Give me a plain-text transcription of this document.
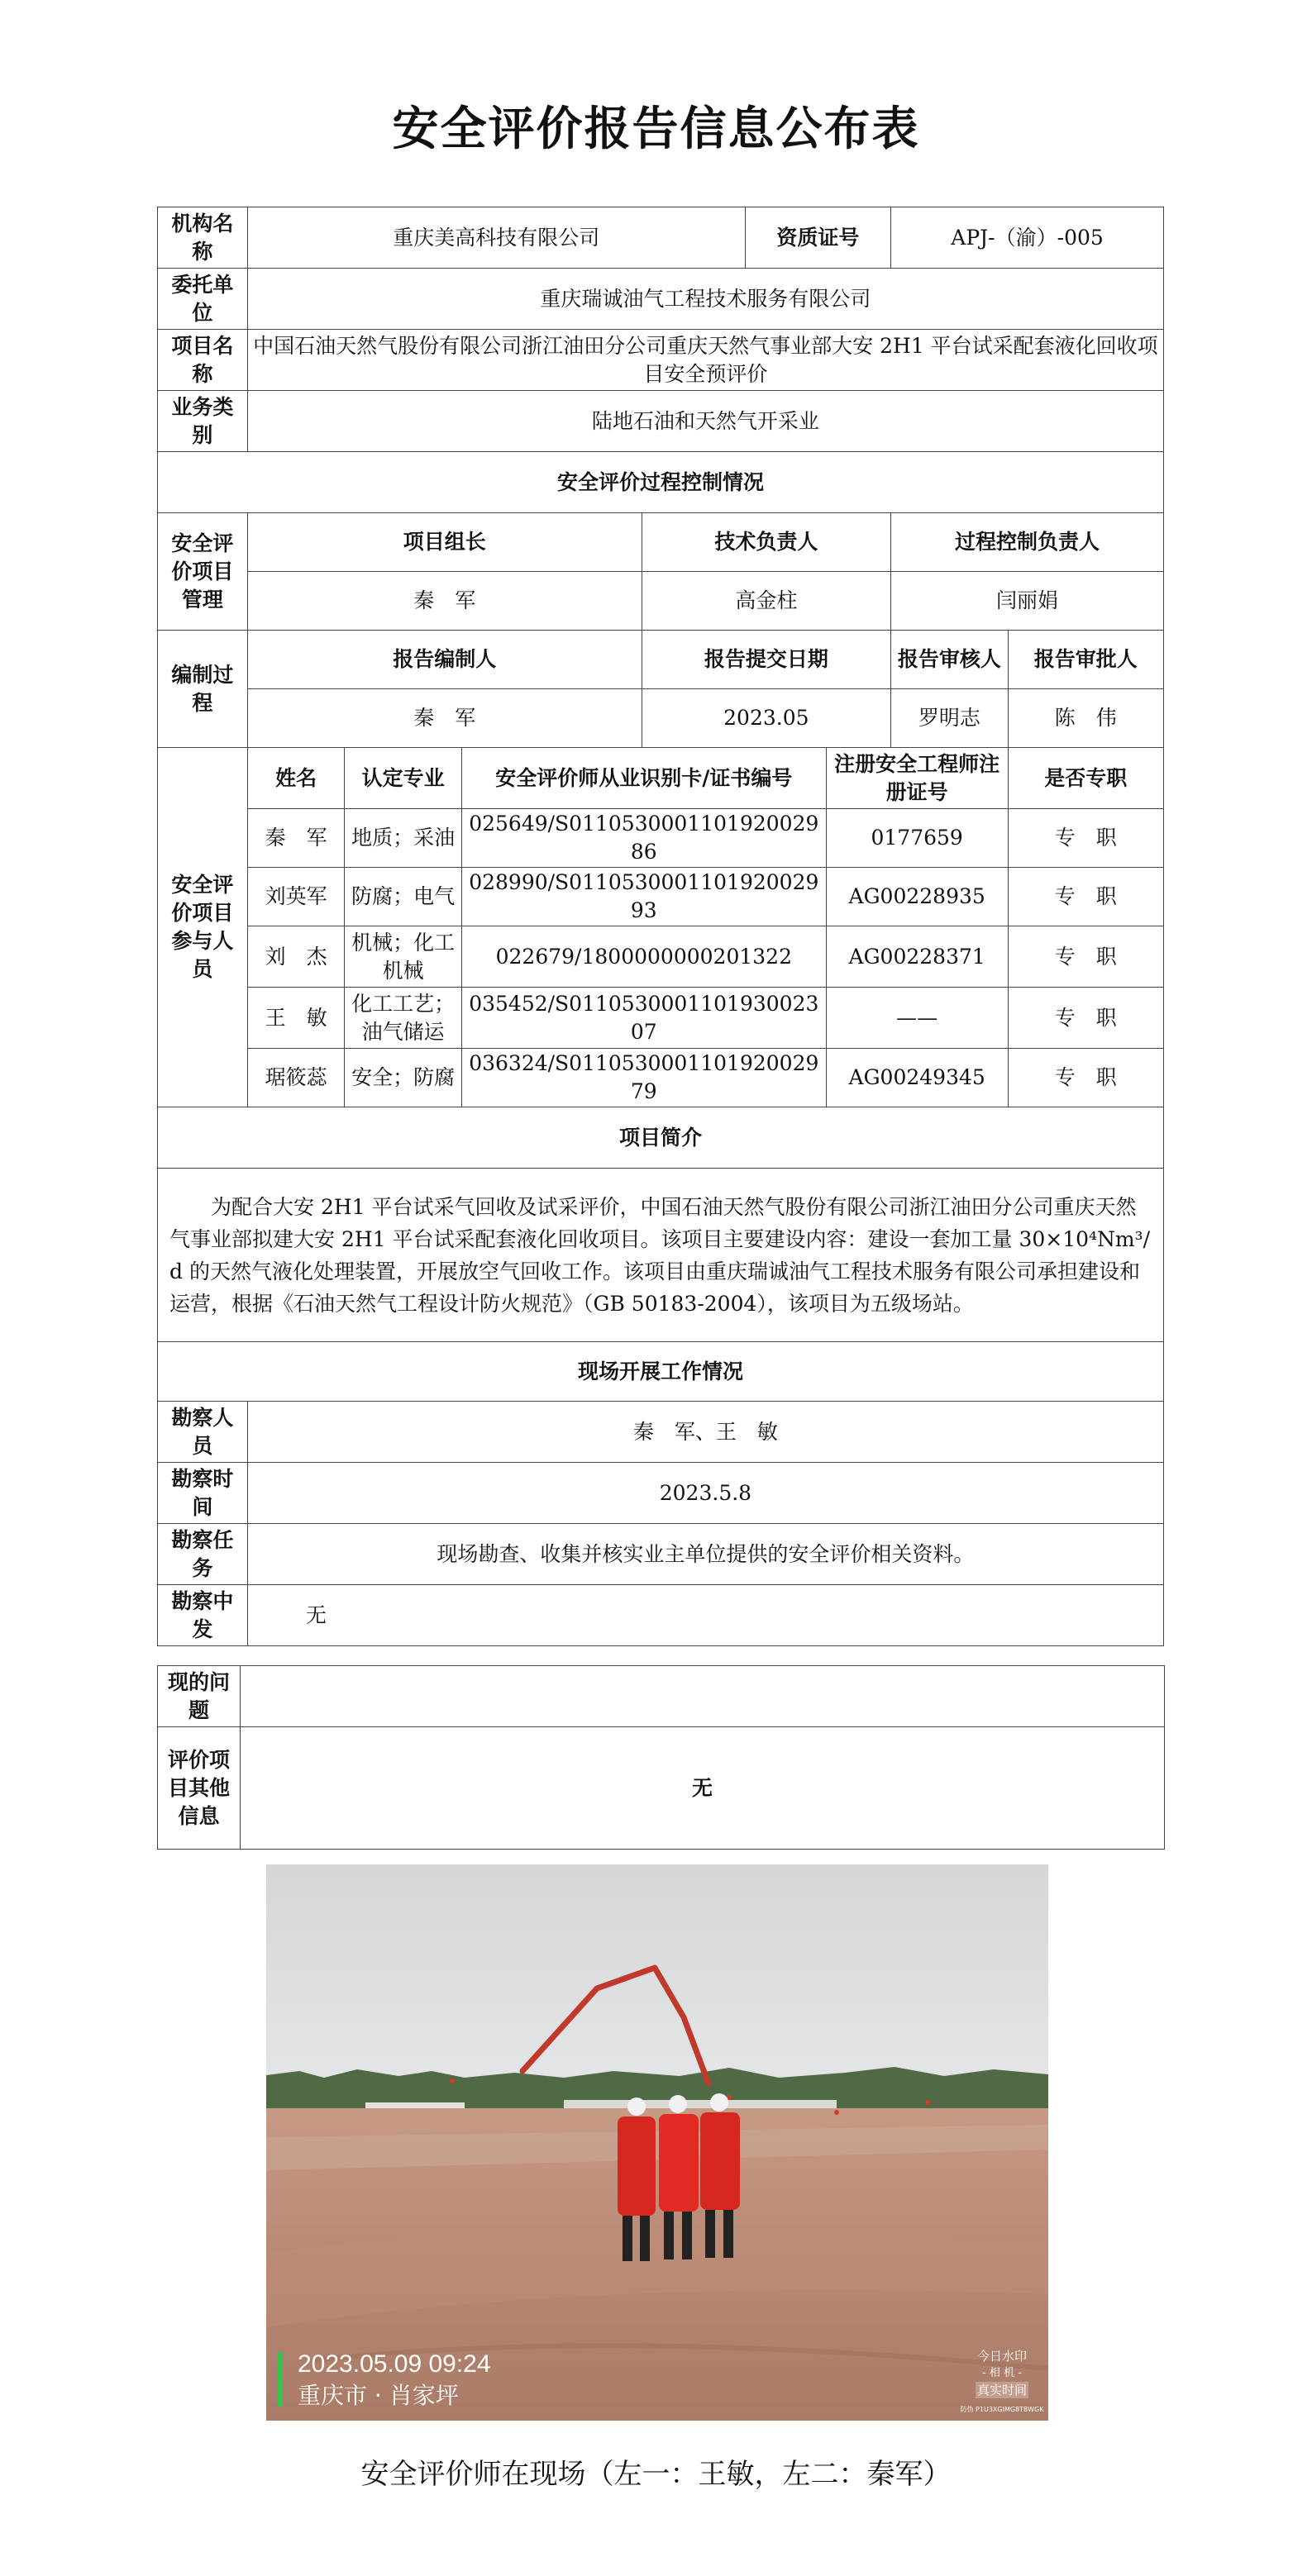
安全评价报告信息公布表
机构名称	重庆美高科技有限公司				资质证号		APJ-（渝）-005	
委托单位	重庆瑞诚油气工程技术服务有限公司							
项目名称	中国石油天然气股份有限公司浙江油田分公司重庆天然气事业部大安 2H1 平台试采配套液化回收项目安全预评价							
业务类别	陆地石油和天然气开采业							
安全评价过程控制情况								
安全评价项目管理	项目组长			技术负责人			过程控制负责人	
	秦　军			高金柱			闫丽娟	
编制过程	报告编制人			报告提交日期			报告审核人	报告审批人
	秦　军			2023.05			罗明志	陈　伟
安全评价项目参与人员	姓名	认定专业	安全评价师从业识别卡/证书编号			注册安全工程师注册证号		是否专职
	秦　军	地质；采油	025649/S011053000110192002986			0177659		专　职
	刘英军	防腐；电气	028990/S011053000110192002993			AG00228935		专　职
	刘　杰	机械；化工机械	022679/1800000000201322			AG00228371		专　职
	王　敏	化工工艺；油气储运	035452/S011053000110193002307			——		专　职
	琚筱蕊	安全；防腐	036324/S011053000110192002979			AG00249345		专　职
项目简介								
　　为配合大安 2H1 平台试采气回收及试采评价，中国石油天然气股份有限公司浙江油田分公司重庆天然气事业部拟建大安 2H1 平台试采配套液化回收项目。该项目主要建设内容：建设一套加工量 30×10⁴Nm³/d 的天然气液化处理装置，开展放空气回收工作。该项目由重庆瑞诚油气工程技术服务有限公司承担建设和运营，根据《石油天然气工程设计防火规范》（GB 50183-2004），该项目为五级场站。								
现场开展工作情况								
勘察人员	秦　军、王　敏							
勘察时间	2023.5.8							
勘察任务	现场勘查、收集并核实业主单位提供的安全评价相关资料。							
勘察中发	无							
现的问题	
评价项目其他信息	无
2023.05.09 09:24
重庆市 · 肖家坪
今日水印
- 相 机 -
真实时间
防伪 P1U3XGIMG8T8WGK
安全评价师在现场（左一：王敏，左二：秦军）
